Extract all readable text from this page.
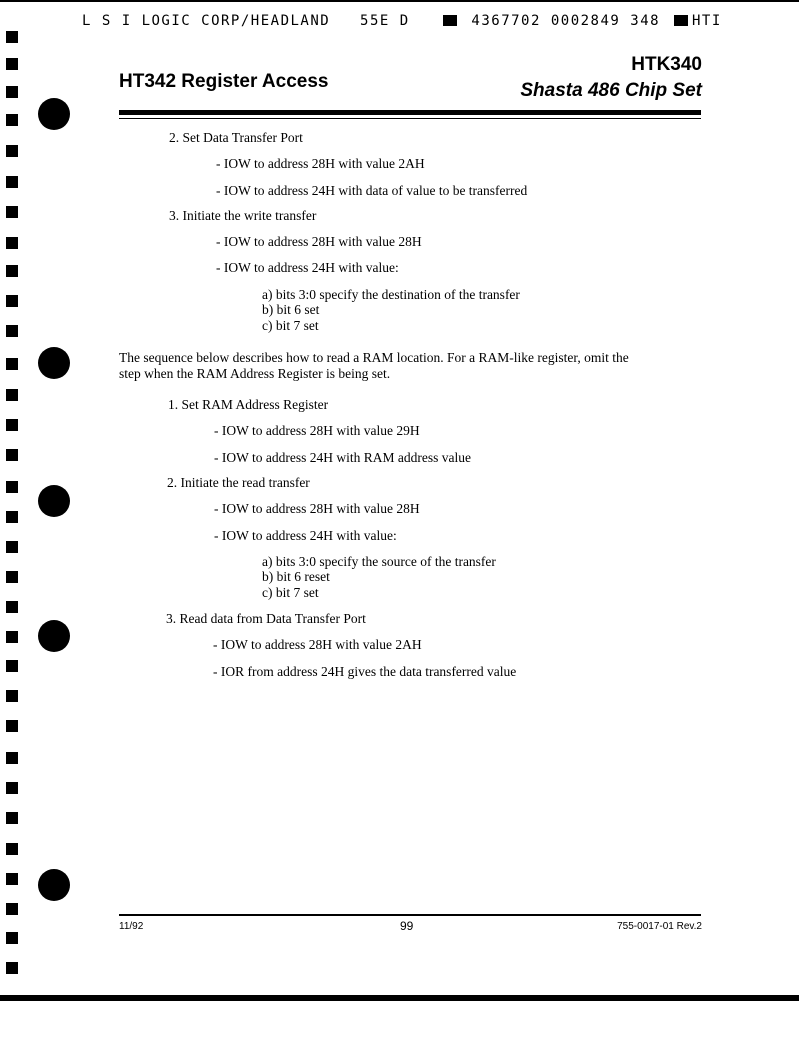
L S I LOGIC CORP/HEADLAND 55E D	4367702 0002849 348 HTI
HT342 Register Access
HTK340
Shasta 486 Chip Set
2. Set Data Transfer Port
- IOW to address 28H with value 2AH
- IOW to address 24H with data of value to be transferred
3. Initiate the write transfer
- IOW to address 28H with value 28H
- IOW to address 24H with value:
a) bits 3:0 specify the destination of the transfer
b) bit 6 set
c) bit 7 set
The sequence below describes how to read a RAM location. For a RAM-like register, omit the
step when the RAM Address Register is being set.
1. Set RAM Address Register
- IOW to address 28H with value 29H
- IOW to address 24H with RAM address value
2. Initiate the read transfer
- IOW to address 28H with value 28H
- IOW to address 24H with value:
a) bits 3:0 specify the source of the transfer
b) bit 6 reset
c) bit 7 set
3. Read data from Data Transfer Port
- IOW to address 28H with value 2AH
- IOR from address 24H gives the data transferred value
11/92	99	755-0017-01 Rev.2
